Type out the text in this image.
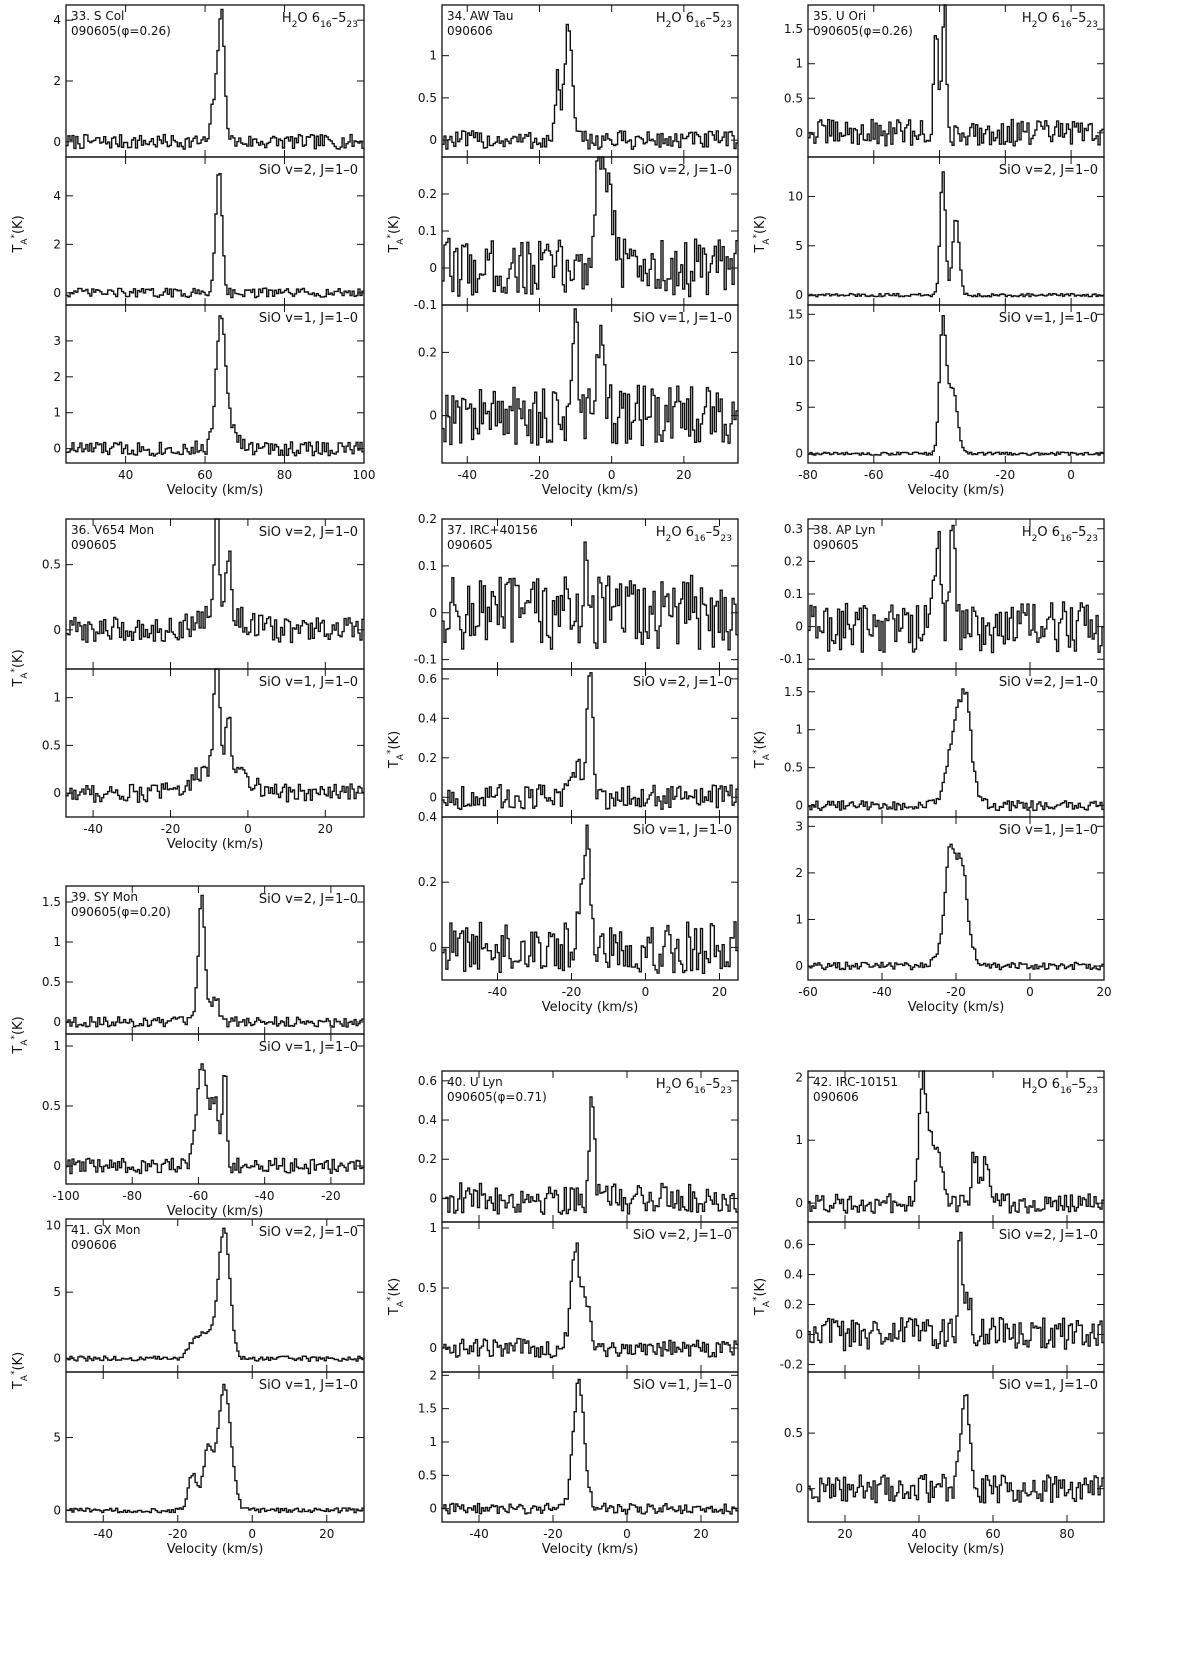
0
2
4	$H_2O$ $6_{16}-5_{23}$
33. S Col
090605(φ=0.26)
0
2
4
SiO v=2, J=1–0
0
1
2
3
SiO v=1, J=1–0
40	60	80	100
Velocity (km/s)
$T_A^*(K)$
0
0.5
1
$H_2O$ $6_{16}-5_{23}$
34. AW Tau
090606
-0.1
0
0.1
0.2
SiO v=2, J=1–0
0
0.2
SiO v=1, J=1–0
-40	-20	0	20
Velocity (km/s)
$T_A^*(K)$
0
0.5
1
1.5
$H_2O$ $6_{16}-5_{23}$
35. U Ori
090605(φ=0.26)
0
5
10
SiO v=2, J=1–0
0
5
10
15	SiO v=1, J=1–0
-80	-60	-40	-20	0
Velocity (km/s)
$T_A^*(K)$
0
0.5
SiO v=2, J=1–0
36. V654 Mon
090605
0
0.5
1
SiO v=1, J=1–0
-40	-20	0	20
Velocity (km/s)
$T_A^*(K)$	-0.1
0
0.1
0.2
$H_2O$ $6_{16}-5_{23}$
37. IRC+40156
090605
0
0.2
0.4
0.6	SiO v=2, J=1–0
0
0.2
0.4
SiO v=1, J=1–0
-40	-20	0	20
Velocity (km/s)
$T_A^*(K)$
-0.1
0
0.1
0.2
0.3	$H_2O$ $6_{16}-5_{23}$
38. AP Lyn
090605
0
0.5
1
1.5
SiO v=2, J=1–0
0
1
2
3	SiO v=1, J=1–0
-60	-40	-20	0	20
Velocity (km/s)
$T_A^*(K)$
0
0.5
1
1.5	SiO v=2, J=1–0
39. SY Mon
090605(φ=0.20)
0
0.5
1	SiO v=1, J=1–0
-100	-80	-60	-40	-20
Velocity (km/s)
$T_A^*(K)$
0
0.2
0.4
0.6	$H_2O$ $6_{16}-5_{23}$
40. U Lyn
090605(φ=0.71)
0
0.5
1	SiO v=2, J=1–0
0
0.5
1
1.5
2
SiO v=1, J=1–0
-40	-20	0	20
Velocity (km/s)
$T_A^*(K)$
0
5
10	SiO v=2, J=1–0
41. GX Mon
090606
0
5
SiO v=1, J=1–0
-40	-20	0	20
Velocity (km/s)
$T_A^*(K)$
0
1
2	$H_2O$ $6_{16}-5_{23}$
42. IRC-10151
090606
-0.2
0
0.2
0.4
0.6
SiO v=2, J=1–0
0
0.5
SiO v=1, J=1–0
20	40	60	80
Velocity (km/s)
$T_A^*(K)$
